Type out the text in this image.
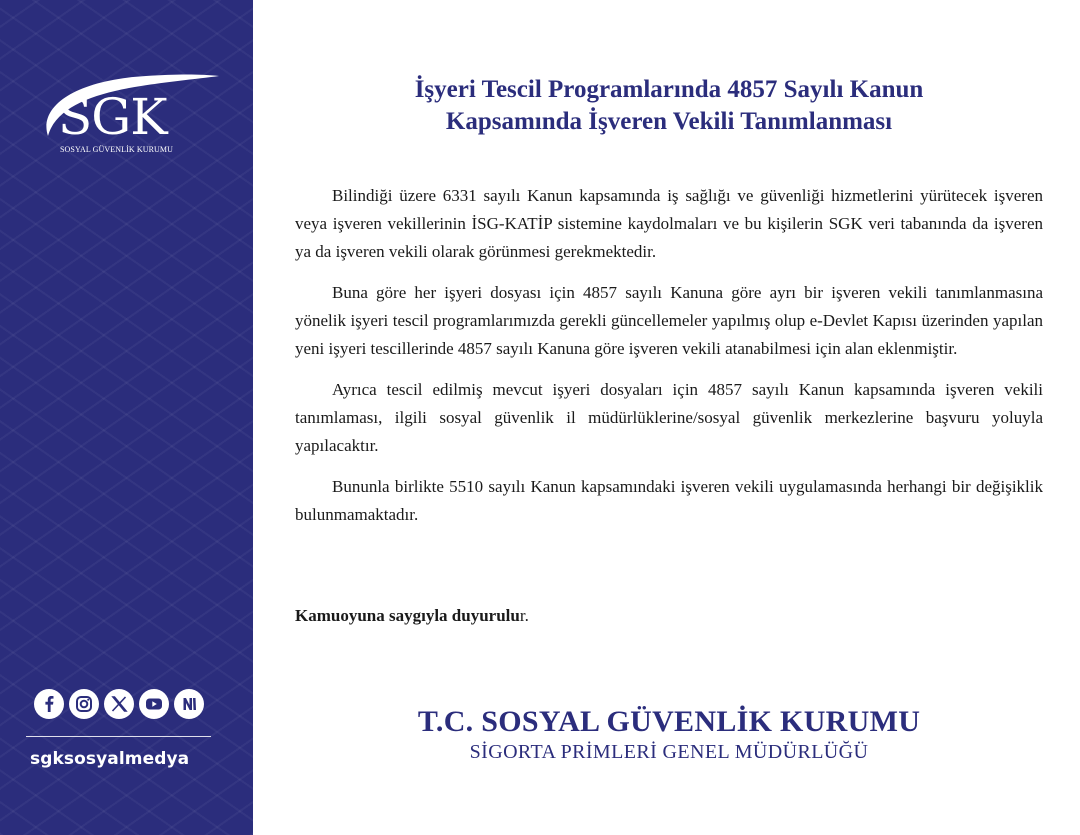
SGK
SOSYAL GÜVENLİK KURUMU
sgksosyalmedya
İşyeri Tescil Programlarında 4857 Sayılı Kanun
Kapsamında İşveren Vekili Tanımlanması

Bilindiği üzere 6331 sayılı Kanun kapsamında iş sağlığı ve güvenliği hizmetlerini yürütecek işveren veya işveren vekillerinin İSG-KATİP sistemine kaydolmaları ve bu kişilerin SGK veri tabanında da işveren ya da işveren vekili olarak görünmesi gerekmektedir.

Buna göre her işyeri dosyası için 4857 sayılı Kanuna göre ayrı bir işveren vekili tanımlanmasına yönelik işyeri tescil programlarımızda gerekli güncellemeler yapılmış olup e-Devlet Kapısı üzerinden yapılan yeni işyeri tescillerinde 4857 sayılı Kanuna göre işveren vekili atanabilmesi için alan eklenmiştir.

Ayrıca tescil edilmiş mevcut işyeri dosyaları için 4857 sayılı Kanun kapsamında işveren vekili tanımlaması, ilgili sosyal güvenlik il müdürlüklerine/sosyal güvenlik merkezlerine başvuru yoluyla yapılacaktır.

Bununla birlikte 5510 sayılı Kanun kapsamındaki işveren vekili uygulamasında herhangi bir değişiklik bulunmamaktadır.

Kamuoyuna saygıyla duyurulur.
T.C. SOSYAL GÜVENLİK KURUMU
SİGORTA PRİMLERİ GENEL MÜDÜRLÜĞÜ
